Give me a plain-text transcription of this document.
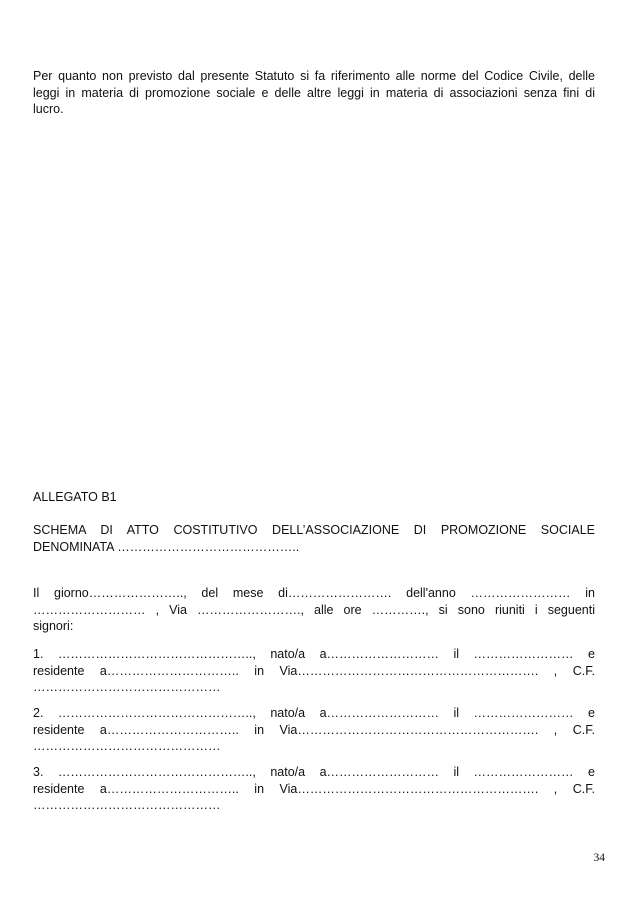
Per quanto non previsto dal presente Statuto si fa riferimento alle norme del Codice Civile, delle
leggi in materia di promozione sociale e delle altre leggi in materia di associazioni senza fini di
lucro.
ALLEGATO B1
SCHEMA DI ATTO COSTITUTIVO DELL’ASSOCIAZIONE DI PROMOZIONE SOCIALE
DENOMINATA ……………………………………..
Il giorno………………….., del mese di……………………. dell'anno …………………… in
……………………… , Via ……………………., alle ore …………., si sono riuniti i seguenti
signori:
1. ……………………………………….., nato/a a……………………… il …………………… e
residente a………………………….. in Via…………………………………………………. , C.F.
………………………………………
2. ……………………………………….., nato/a a……………………… il …………………… e
residente a………………………….. in Via…………………………………………………. , C.F.
………………………………………
3. ……………………………………….., nato/a a……………………… il …………………… e
residente a………………………….. in Via…………………………………………………. , C.F.
………………………………………
34
